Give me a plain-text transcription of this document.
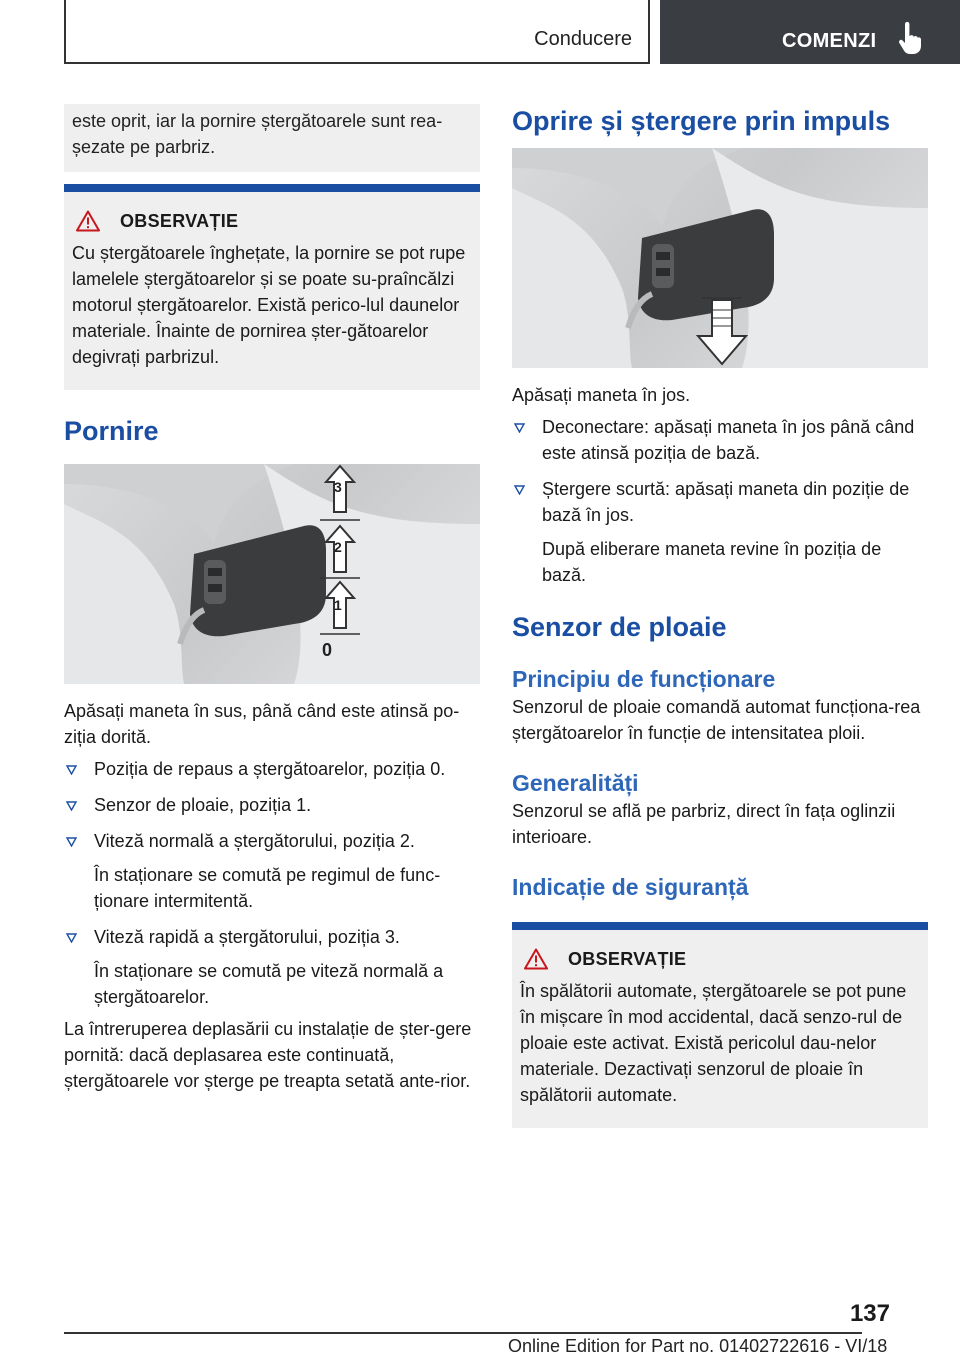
Conducere	COMENZI

este oprit, iar la pornire ștergătoarele sunt rea-șezate pe parbriz.

OBSERVAȚIE

Cu ștergătoarele înghețate, la pornire se pot rupe lamelele ștergătoarelor și se poate su-praîncălzi motorul ștergătoarelor. Există perico-lul daunelor materiale. Înainte de pornirea șter-gătoarelor degivrați parbrizul.

Pornire
3
2
1
0

Apăsați maneta în sus, până când este atinsă po-ziția dorită.

Poziția de repaus a ștergătoarelor, poziția 0.
Senzor de ploaie, poziția 1.
Viteză normală a ștergătorului, poziția 2.

În staționare se comută pe regimul de func-ționare intermitentă.

Viteză rapidă a ștergătorului, poziția 3.

În staționare se comută pe viteză normală a ștergătoarelor.

La întreruperea deplasării cu instalație de șter-gere pornită: dacă deplasarea este continuată, ștergătoarele vor șterge pe treapta setată ante-rior.

Oprire și ștergere prin impuls

Apăsați maneta în jos.

Deconectare: apăsați maneta în jos până când este atinsă poziția de bază.
Ștergere scurtă: apăsați maneta din poziție de bază în jos.

După eliberare maneta revine în poziția de bază.

Senzor de ploaie
Principiu de funcționare

Senzorul de ploaie comandă automat funcționa-rea ștergătoarelor în funcție de intensitatea ploii.

Generalități

Senzorul se află pe parbriz, direct în fața oglinzii interioare.

Indicație de siguranță
OBSERVAȚIE

În spălătorii automate, ștergătoarele se pot pune în mișcare în mod accidental, dacă senzo-rul de ploaie este activat. Există pericolul dau-nelor materiale. Dezactivați senzorul de ploaie în spălătorii automate.

137
Online Edition for Part no. 01402722616 - VI/18
